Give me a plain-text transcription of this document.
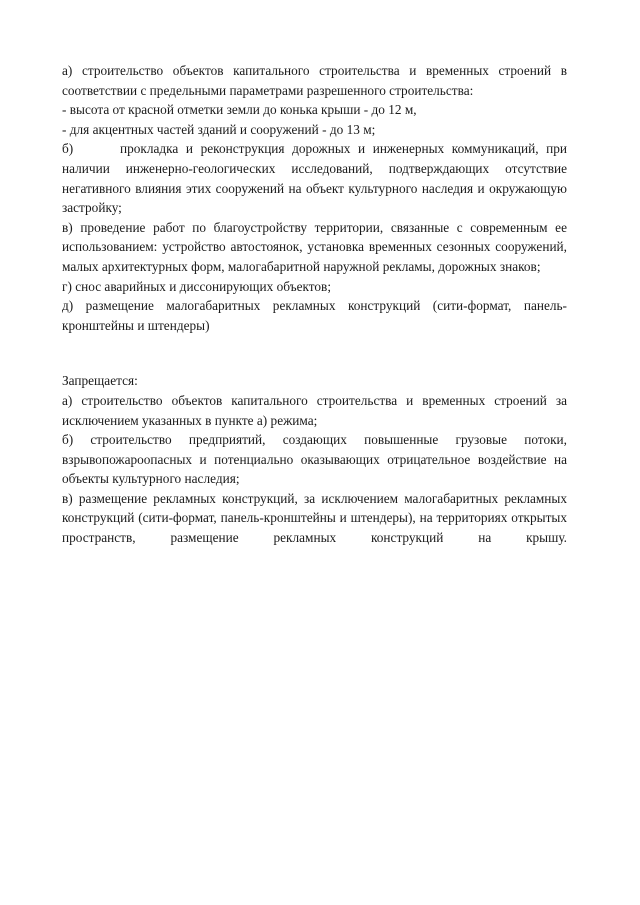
а) строительство объектов капитального строительства и временных строений в соответствии с предельными параметрами разрешенного строительства:

- высота от красной отметки земли до конька крыши - до 12 м,

- для акцентных частей зданий и сооружений - до 13 м;

б)	прокладка и реконструкция дорожных и инженерных коммуникаций, при наличии инженерно-геологических исследований, подтверждающих отсутствие негативного влияния этих сооружений на объект культурного наследия и окружающую застройку;

в) проведение работ по благоустройству территории, связанные с современным ее использованием: устройство автостоянок, установка временных сезонных сооружений, малых архитектурных форм, малогабаритной наружной рекламы, дорожных знаков;

г) снос аварийных и диссонирующих объектов;

д) размещение малогабаритных рекламных конструкций (сити-формат, панель-кронштейны и штендеры)

Запрещается:

а) строительство объектов капитального строительства и временных строений за исключением указанных в пункте а) режима;

б) строительство предприятий, создающих повышенные грузовые потоки, взрывопожароопасных и потенциально оказывающих отрицательное воздействие на объекты культурного наследия;

в) размещение рекламных конструкций, за исключением малогабаритных рекламных конструкций (сити-формат, панель-кронштейны и штендеры), на территориях открытых пространств, размещение рекламных конструкций на крышу.
